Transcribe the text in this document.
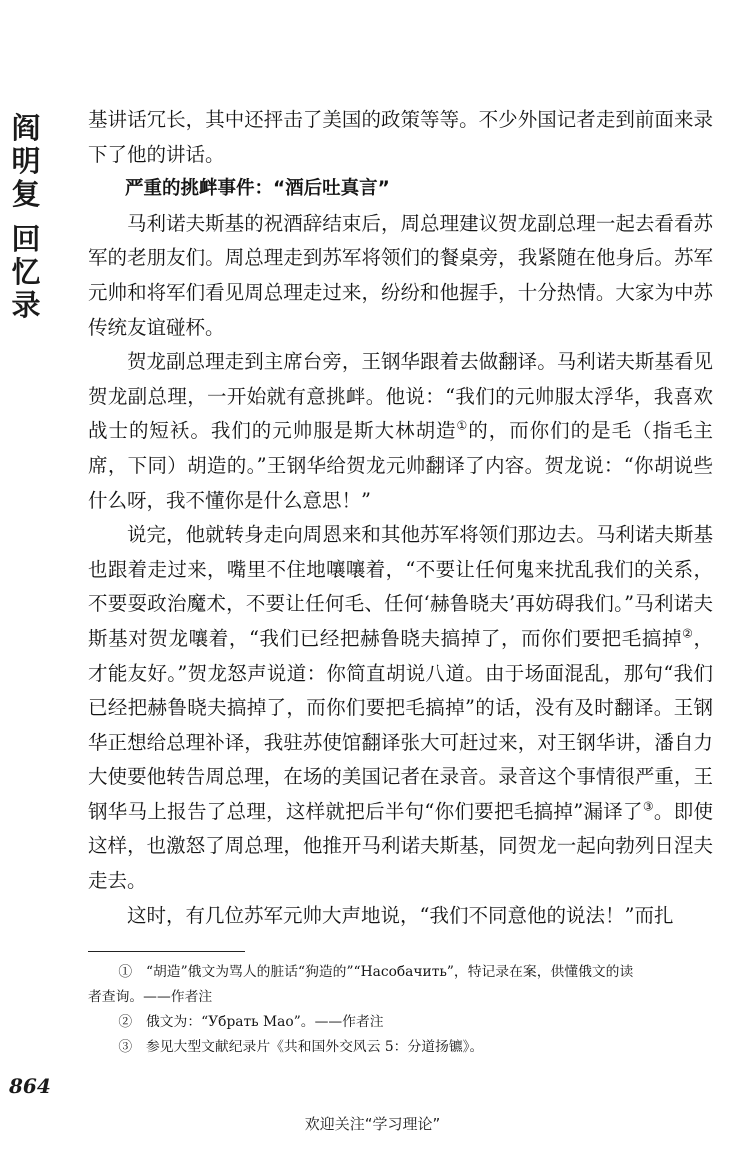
阎
明
复
回
忆
录

基讲话冗长，其中还抨击了美国的政策等等。不少外国记者走到前面来录下了他的讲话。

严重的挑衅事件：“酒后吐真言”

马利诺夫斯基的祝酒辞结束后，周总理建议贺龙副总理一起去看看苏军的老朋友们。周总理走到苏军将领们的餐桌旁，我紧随在他身后。苏军元帅和将军们看见周总理走过来，纷纷和他握手，十分热情。大家为中苏传统友谊碰杯。

贺龙副总理走到主席台旁，王钢华跟着去做翻译。马利诺夫斯基看见贺龙副总理，一开始就有意挑衅。他说：“我们的元帅服太浮华，我喜欢战士的短袄。我们的元帅服是斯大林胡造①的，而你们的是毛（指毛主席，下同）胡造的。”王钢华给贺龙元帅翻译了内容。贺龙说：“你胡说些什么呀，我不懂你是什么意思！”

说完，他就转身走向周恩来和其他苏军将领们那边去。马利诺夫斯基也跟着走过来，嘴里不住地嚷嚷着，“不要让任何鬼来扰乱我们的关系，不要耍政治魔术，不要让任何毛、任何‘赫鲁晓夫’再妨碍我们。”马利诺夫斯基对贺龙嚷着，“我们已经把赫鲁晓夫搞掉了，而你们要把毛搞掉②，才能友好。”贺龙怒声说道：你简直胡说八道。由于场面混乱，那句“我们已经把赫鲁晓夫搞掉了，而你们要把毛搞掉”的话，没有及时翻译。王钢华正想给总理补译，我驻苏使馆翻译张大可赶过来，对王钢华讲，潘自力大使要他转告周总理，在场的美国记者在录音。录音这个事情很严重，王钢华马上报告了总理，这样就把后半句“你们要把毛搞掉”漏译了③。即使这样，也激怒了周总理，他推开马利诺夫斯基，同贺龙一起向勃列日涅夫走去。

这时，有几位苏军元帅大声地说，“我们不同意他的说法！”而扎

①　“胡造”俄文为骂人的脏话“狗造的”“Насобачить”，特记录在案，供懂俄文的读
者查询。——作者注
②　俄文为：“Убрать Мао”。——作者注
③　参见大型文献纪录片《共和国外交风云 5：分道扬镳》。
864
欢迎关注“学习理论”
